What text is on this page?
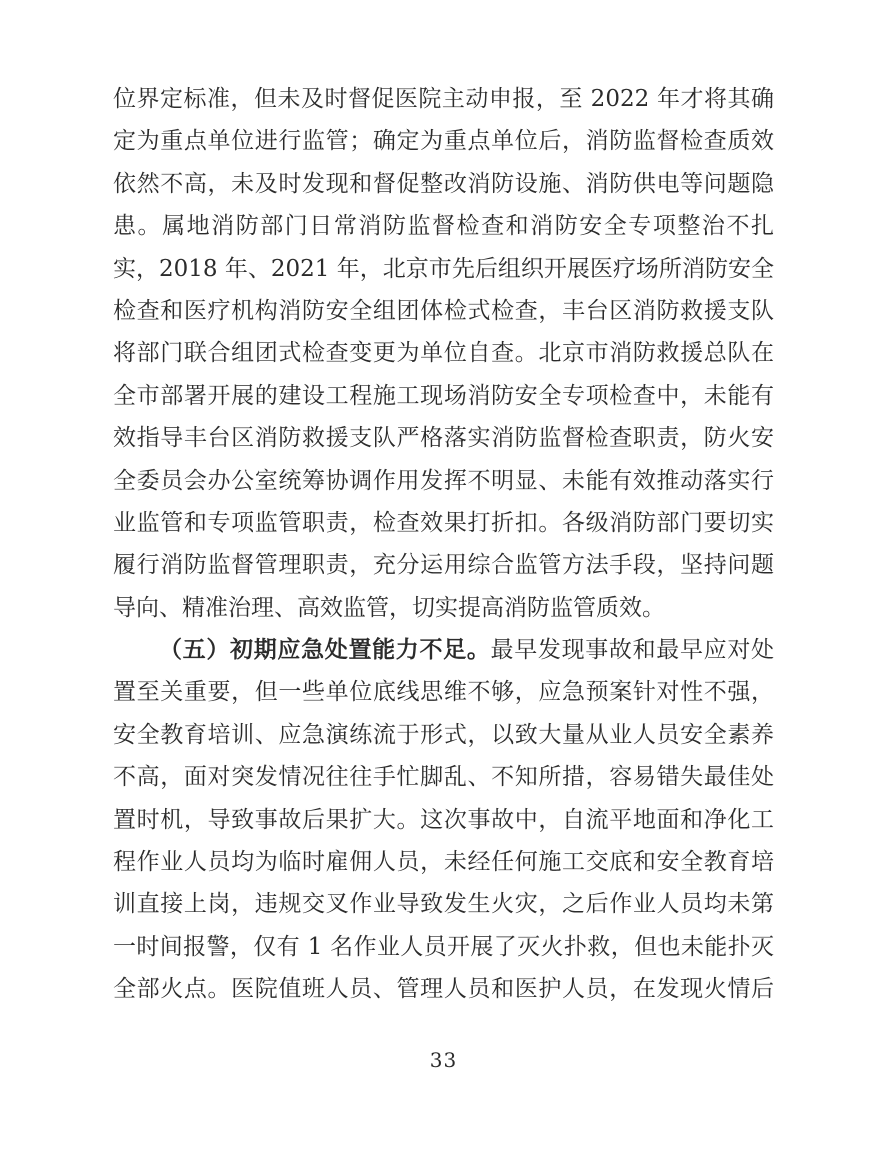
位界定标准，但未及时督促医院主动申报，至 2022 年才将其确
定为重点单位进行监管；确定为重点单位后，消防监督检查质效
依然不高，未及时发现和督促整改消防设施、消防供电等问题隐
患。属地消防部门日常消防监督检查和消防安全专项整治不扎
实，2018 年、2021 年，北京市先后组织开展医疗场所消防安全
检查和医疗机构消防安全组团体检式检查，丰台区消防救援支队
将部门联合组团式检查变更为单位自查。北京市消防救援总队在
全市部署开展的建设工程施工现场消防安全专项检查中，未能有
效指导丰台区消防救援支队严格落实消防监督检查职责，防火安
全委员会办公室统筹协调作用发挥不明显、未能有效推动落实行
业监管和专项监管职责，检查效果打折扣。各级消防部门要切实
履行消防监督管理职责，充分运用综合监管方法手段，坚持问题
导向、精准治理、高效监管，切实提高消防监管质效。
（五）初期应急处置能力不足。最早发现事故和最早应对处
置至关重要，但一些单位底线思维不够，应急预案针对性不强，
安全教育培训、应急演练流于形式，以致大量从业人员安全素养
不高，面对突发情况往往手忙脚乱、不知所措，容易错失最佳处
置时机，导致事故后果扩大。这次事故中，自流平地面和净化工
程作业人员均为临时雇佣人员，未经任何施工交底和安全教育培
训直接上岗，违规交叉作业导致发生火灾，之后作业人员均未第
一时间报警，仅有 1 名作业人员开展了灭火扑救，但也未能扑灭
全部火点。医院值班人员、管理人员和医护人员，在发现火情后
33
